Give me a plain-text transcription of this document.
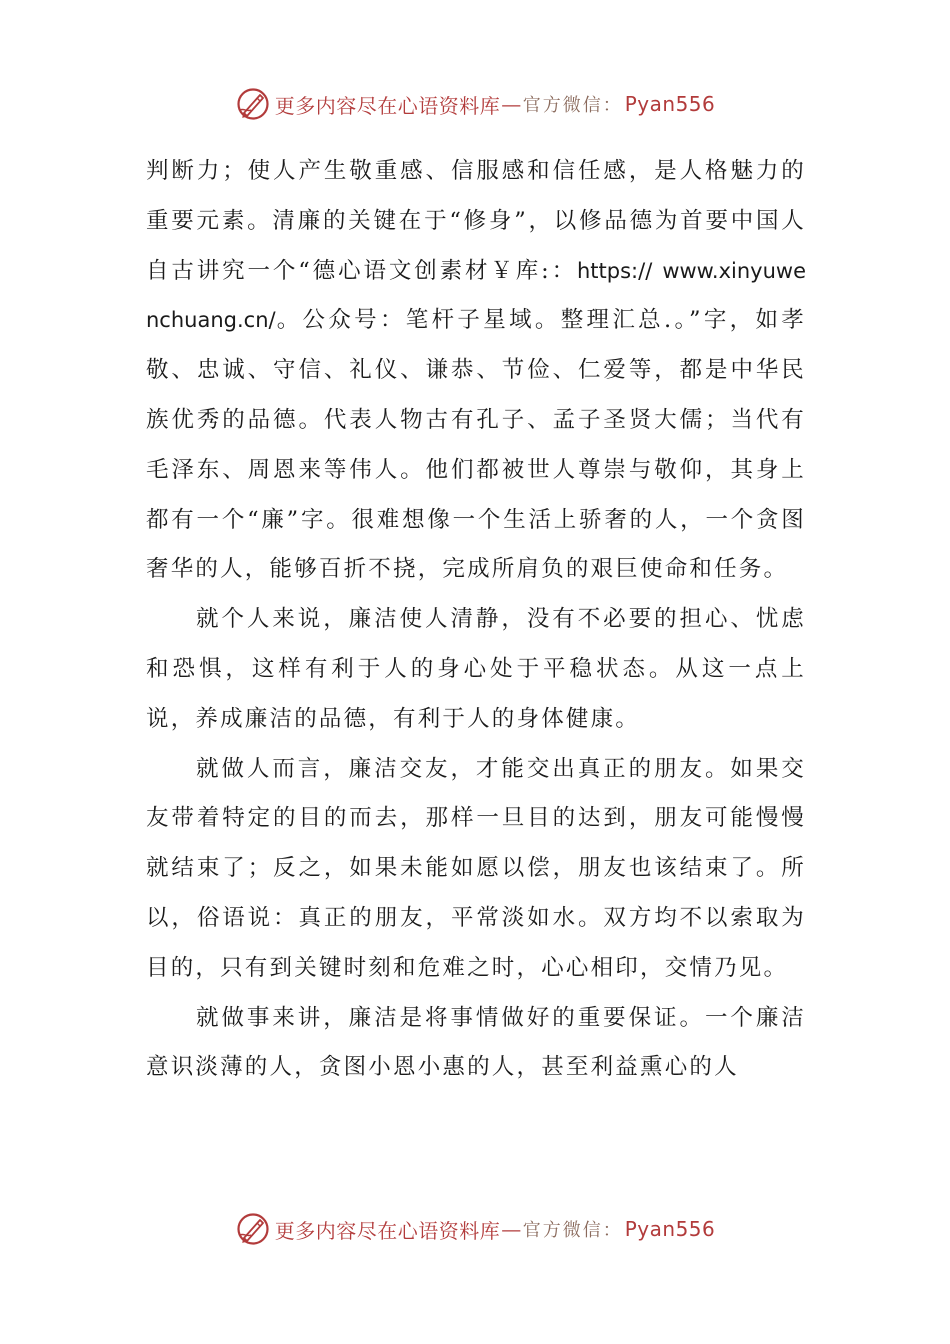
更多内容尽在心语资料库 — 官方微信： Pyan556

判断力；使人产生敬重感、信服感和信任感，是人格魅力的重要元素。清廉的关键在于“修身”，以修品德为首要中国人自古讲究一个“德心语文创素材￥库:：https:// www.xinyuwenchuang.cn/。公众号：笔杆子星域。整理汇总.。”字，如孝敬、忠诚、守信、礼仪、谦恭、节俭、仁爱等，都是中华民族优秀的品德。代表人物古有孔子、孟子圣贤大儒；当代有毛泽东、周恩来等伟人。他们都被世人尊崇与敬仰，其身上都有一个“廉”字。很难想像一个生活上骄奢的人，一个贪图奢华的人，能够百折不挠，完成所肩负的艰巨使命和任务。

就个人来说，廉洁使人清静，没有不必要的担心、忧虑和恐惧，这样有利于人的身心处于平稳状态。从这一点上说，养成廉洁的品德，有利于人的身体健康。

就做人而言，廉洁交友，才能交出真正的朋友。如果交友带着特定的目的而去，那样一旦目的达到，朋友可能慢慢就结束了；反之，如果未能如愿以偿，朋友也该结束了。所以，俗语说：真正的朋友，平常淡如水。双方均不以索取为目的，只有到关键时刻和危难之时，心心相印，交情乃见。

就做事来讲，廉洁是将事情做好的重要保证。一个廉洁意识淡薄的人，贪图小恩小惠的人，甚至利益熏心的人

更多内容尽在心语资料库 — 官方微信： Pyan556
